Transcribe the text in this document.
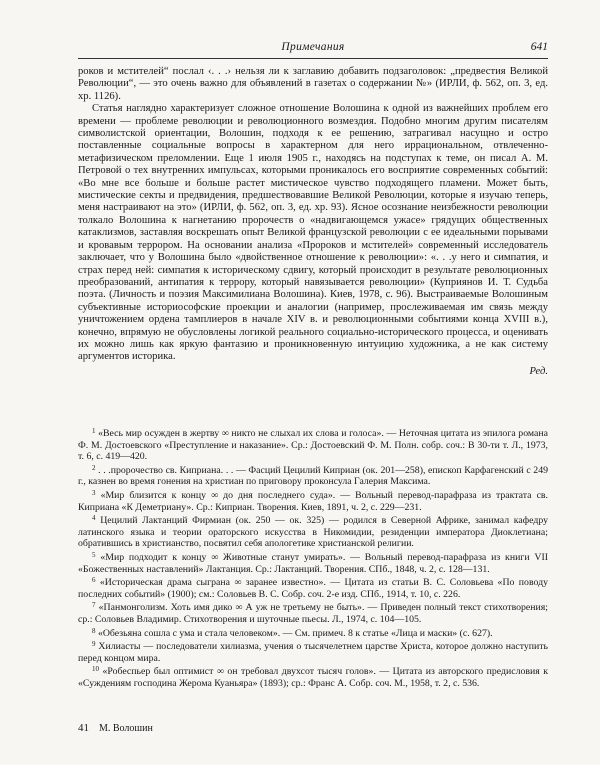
Примечания	641

роков и мстителей“ послал ‹. . .› нельзя ли к заглавию добавить подзаголовок: „предвестия Великой Революции“, — это очень важно для объявлений в газетах о содержании №» (ИРЛИ, ф. 562, оп. 3, ед. хр. 1126).

Статья наглядно характеризует сложное отношение Волошина к одной из важнейших проблем его времени — проблеме революции и революционного возмездия. Подобно многим другим писателям символистской ориентации, Волошин, подходя к ее решению, затрагивал насущно и остро поставленные социальные вопросы в характерном для него иррациональном, отвлеченно-метафизическом преломлении. Еще 1 июля 1905 г., находясь на подступах к теме, он писал А. М. Петровой о тех внутренних импульсах, которыми проникалось его восприятие современных событий: «Во мне все больше и больше растет мистическое чувство подходящего пламени. Может быть, мистические секты и предвидения, предшествовавшие Великой Революции, которые я изучаю теперь, меня настраивают на это» (ИРЛИ, ф. 562, оп. 3, ед. хр. 93). Ясное осознание неизбежности революции толкало Волошина к нагнетанию пророчеств о «надвигающемся ужасе» грядущих общественных катаклизмов, заставляя воскрешать опыт Великой французской революции с ее идеальными порывами и кровавым террором. На основании анализа «Пророков и мстителей» современный исследователь заключает, что у Волошина было «двойственное отношение к революции»: «. . .у него и симпатия, и страх перед ней: симпатия к историческому сдвигу, который происходит в результате революционных преобразований, антипатия к террору, который навязывается революции» (Куприянов И. Т. Судьба поэта. (Личность и поэзия Максимилиана Волошина). Киев, 1978, с. 96). Выстраиваемые Волошиным субъективные историософские проекции и аналогии (например, прослеживаемая им связь между уничтожением ордена тамплиеров в начале XIV в. и революционными событиями конца XVIII в.), конечно, впрямую не обусловлены логикой реального социально-исторического процесса, и оценивать их можно лишь как яркую фантазию и проникновенную интуицию художника, а не как систему аргументов историка.

Ред.

$^1$ «Весь мир осужден в жертву ∞ никто не слыхал их слова и голоса». — Неточная цитата из эпилога романа Ф. М. Достоевского «Преступление и наказание». Ср.: Достоевский Ф. М. Полн. собр. соч.: В 30-ти т. Л., 1973, т. 6, с. 419—420.

$^2$ . . .пророчество св. Киприана. . . — Фасций Цецилий Киприан (ок. 201—258), епископ Карфагенский с 249 г., казнен во время гонения на христиан по приговору проконсула Галерия Максима.

$^3$ «Мир близится к концу ∞ до дня последнего суда». — Вольный перевод-парафраза из трактата св. Киприана «К Деметриану». Ср.: Киприан. Творения. Киев, 1891, ч. 2, с. 229—231.

$^4$ Цецилий Лактанций Фирмиан (ок. 250 — ок. 325) — родился в Северной Африке, занимал кафедру латинского языка и теории ораторского искусства в Никомидии, резиденции императора Диоклетиана; обратившись в христианство, посвятил себя апологетике христианской религии.

$^5$ «Мир подходит к концу ∞ Животные станут умирать». — Вольный перевод-парафраза из книги VII «Божественных наставлений» Лактанция. Ср.: Лактанций. Творения. СПб., 1848, ч. 2, с. 128—131.

$^6$ «Историческая драма сыграна ∞ заранее известно». — Цитата из статьи В. С. Соловьева «По поводу последних событий» (1900); см.: Соловьев В. С. Собр. соч. 2-е изд. СПб., 1914, т. 10, с. 226.

$^7$ «Панмонголизм. Хоть имя дико ∞ А уж не третьему не быть». — Приведен полный текст стихотворения; ср.: Соловьев Владимир. Стихотворения и шуточные пьесы. Л., 1974, с. 104—105.

$^8$ «Обезьяна сошла с ума и стала человеком». — См. примеч. 8 к статье «Лица и маски» (с. 627).

$^9$ Хилиасты — последователи хилиазма, учения о тысячелетнем царстве Христа, которое должно наступить перед концом мира.

$^{10}$ «Робеспьер был оптимист ∞ он требовал двухсот тысяч голов». — Цитата из авторского предисловия к «Суждениям господина Жерома Куаньяра» (1893); ср.: Франс А. Собр. соч. М., 1958, т. 2, с. 536.

41 М. Волошин
